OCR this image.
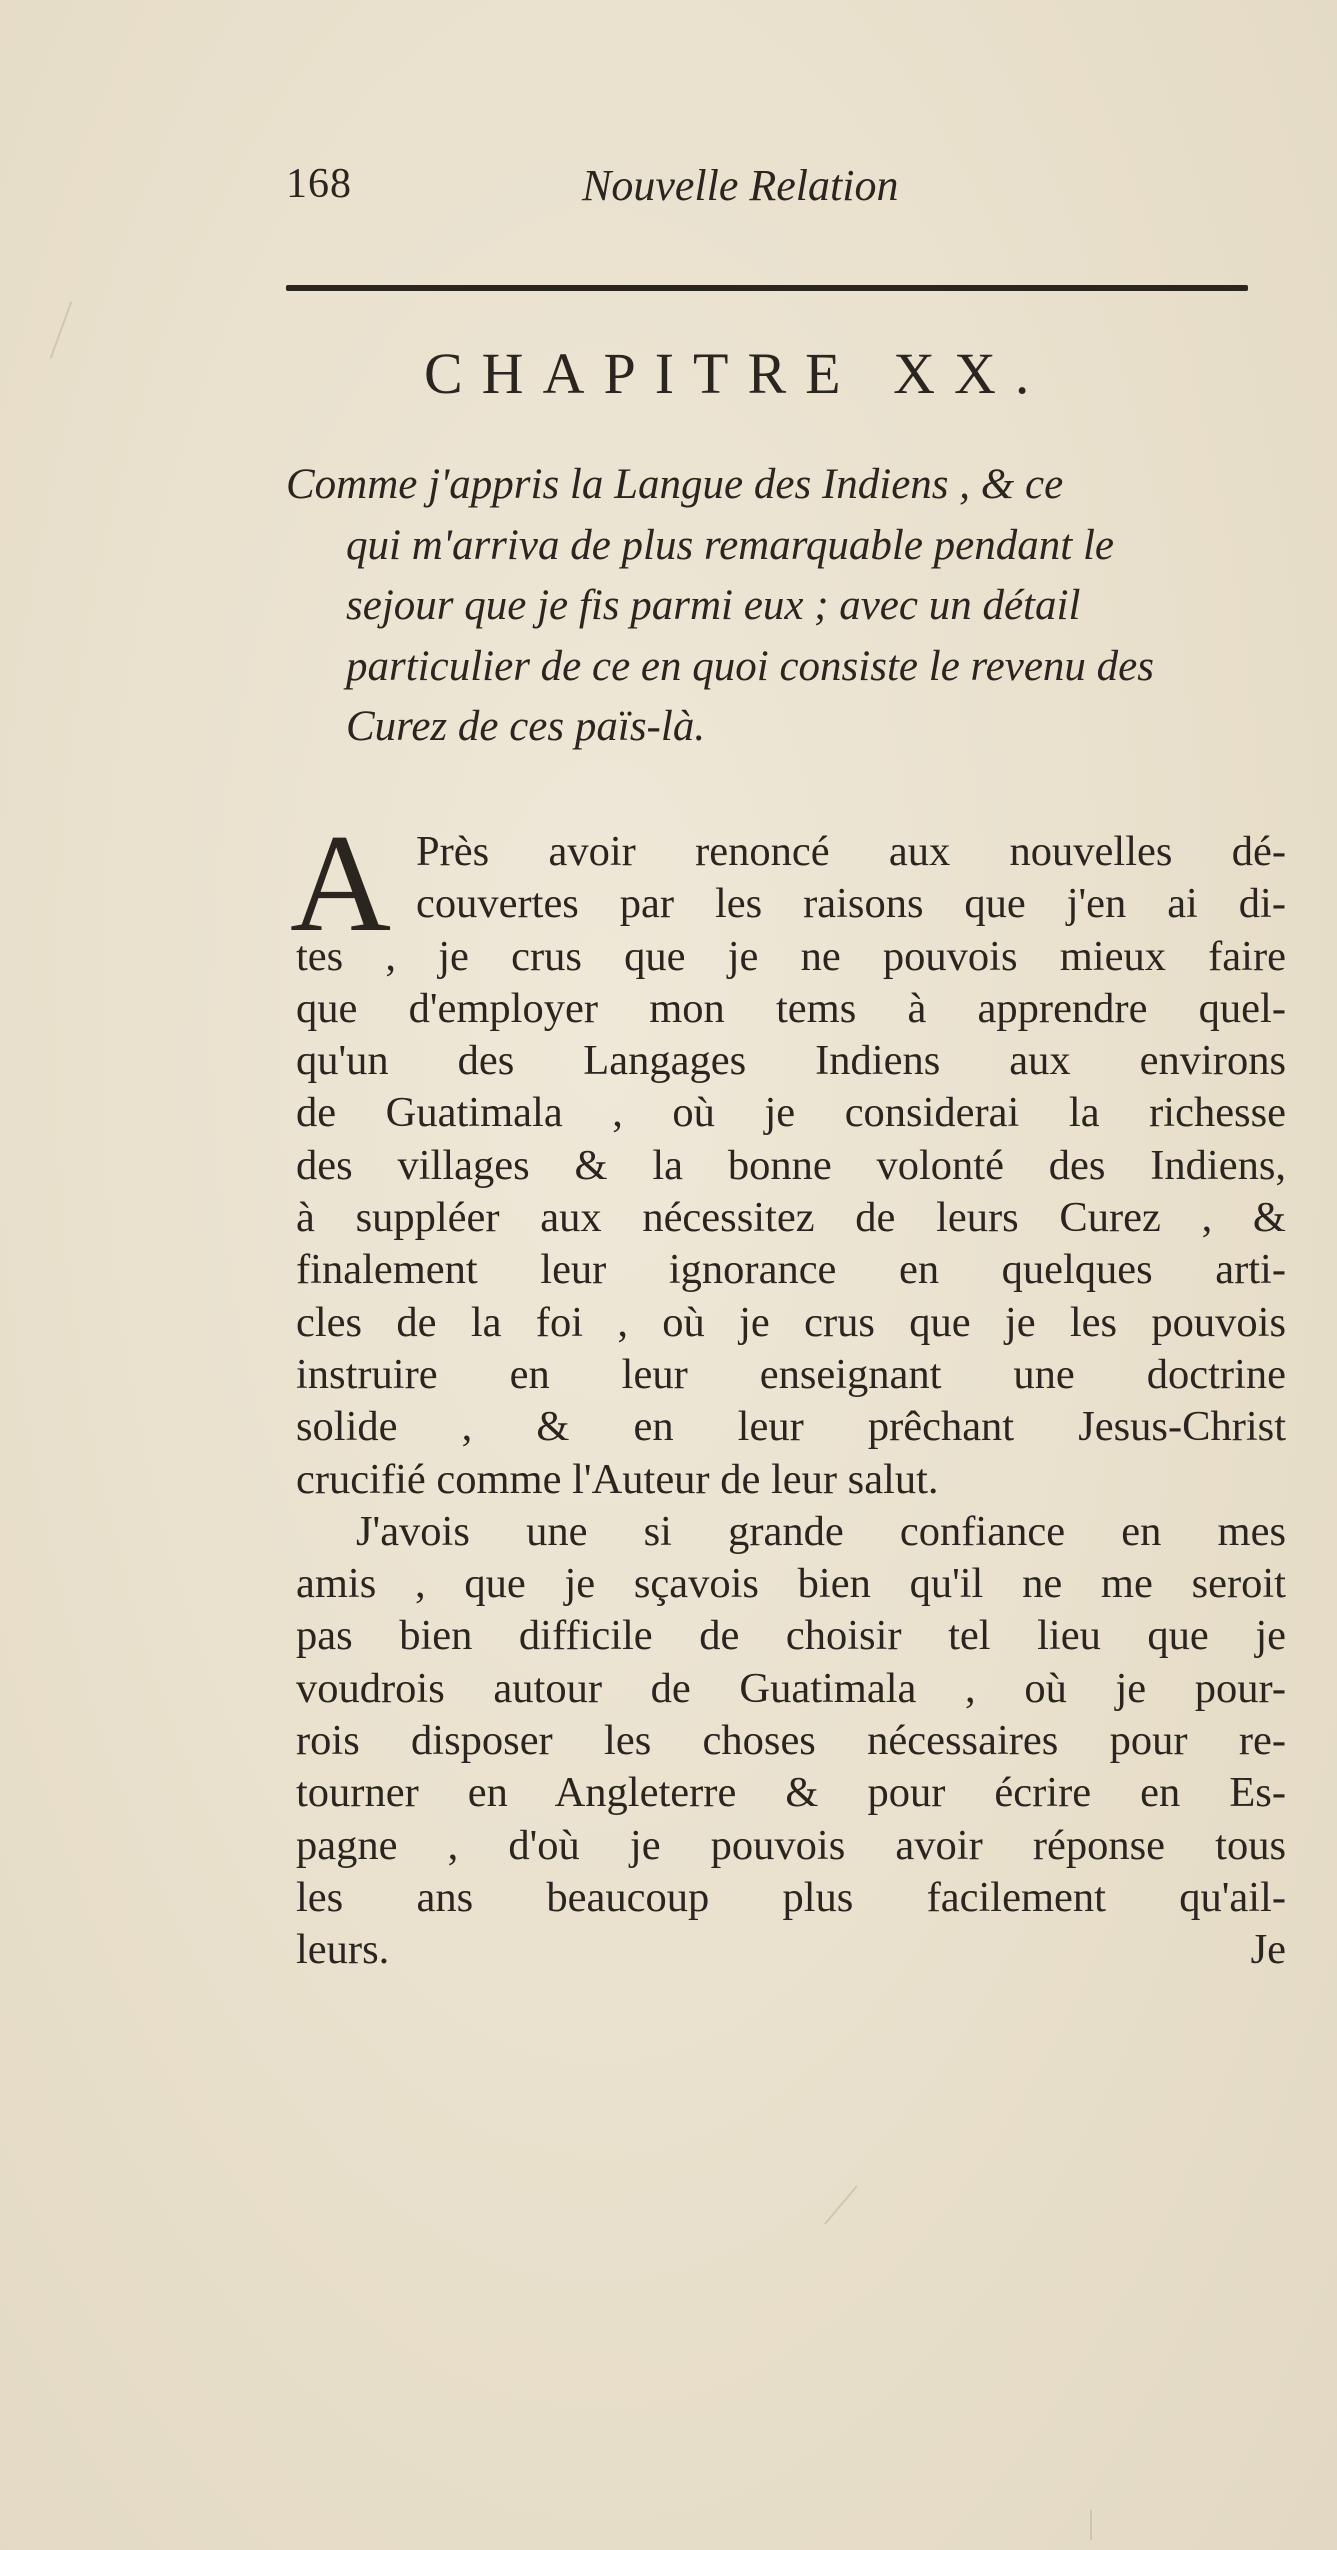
168	Nouvelle Relation
CHAPITRE XX.
Comme j'appris la Langue des Indiens , & ce
qui m'arriva de plus remarquable pendant le
sejour que je fis parmi eux ; avec un détail
particulier de ce en quoi consiste le revenu des
Curez de ces païs-là.
A Près avoir renoncé aux nouvelles dé-
couvertes par les raisons que j'en ai di-
tes , je crus que je ne pouvois mieux faire
que d'employer mon tems à apprendre quel-
qu'un des Langages Indiens aux environs
de Guatimala , où je considerai la richesse
des villages & la bonne volonté des Indiens,
à suppléer aux nécessitez de leurs Curez , &
finalement leur ignorance en quelques arti-
cles de la foi , où je crus que je les pouvois
instruire en leur enseignant une doctrine
solide , & en leur prêchant Jesus-Christ
crucifié comme l'Auteur de leur salut.
J'avois une si grande confiance en mes
amis , que je sçavois bien qu'il ne me seroit
pas bien difficile de choisir tel lieu que je
voudrois autour de Guatimala , où je pour-
rois disposer les choses nécessaires pour re-
tourner en Angleterre & pour écrire en Es-
pagne , d'où je pouvois avoir réponse tous
les ans beaucoup plus facilement qu'ail-
leurs.	Je
